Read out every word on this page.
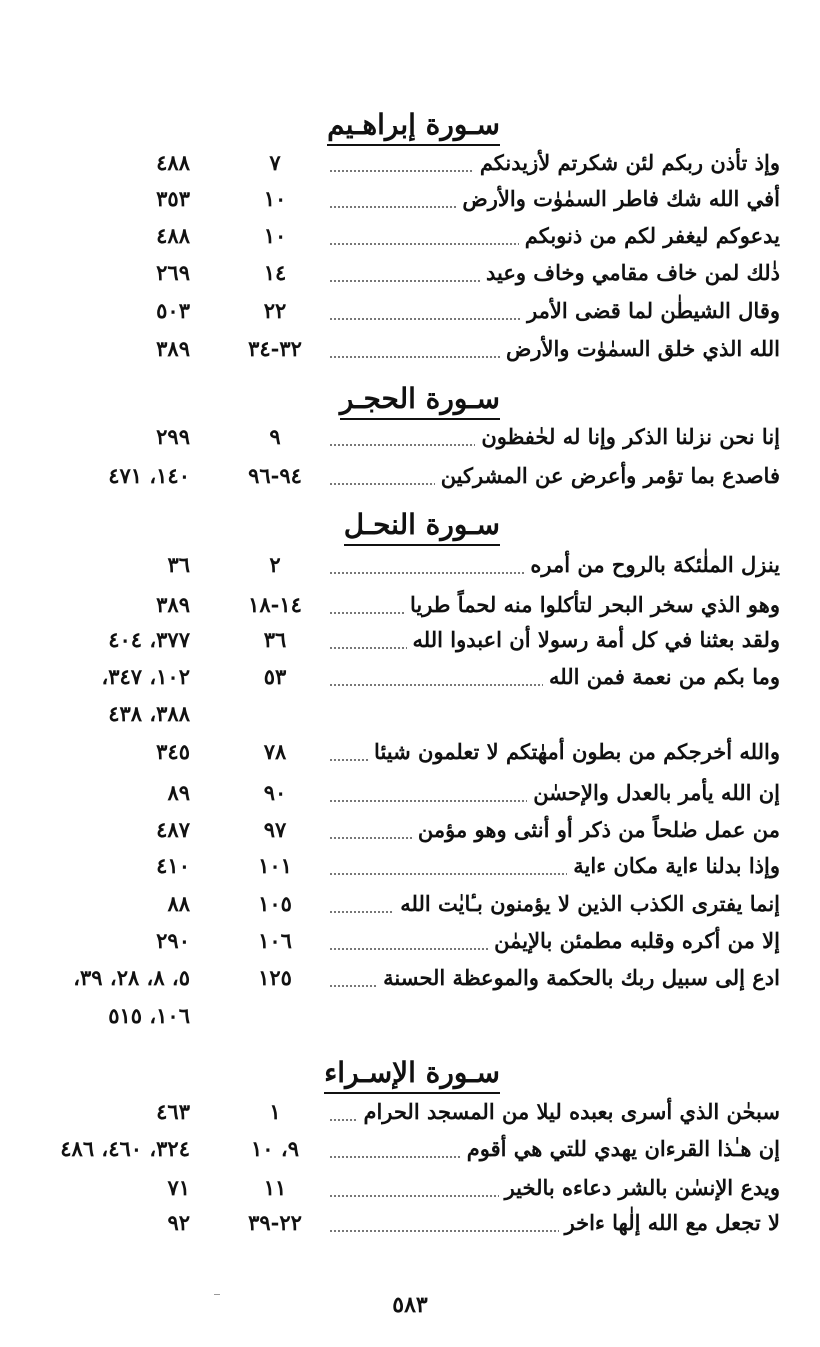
سـورة إبراهـيم
وإذ تأذن ربكم لئن شكرتم لأزيدنكم
٧
٤٨٨
أفي الله شك فاطر السمٰوٰت والأرض
١٠
٣٥٣
يدعوكم ليغفر لكم من ذنوبكم
١٠
٤٨٨
ذٰلك لمن خاف مقامي وخاف وعيد
١٤
٢٦٩
وقال الشيطٰن لما قضى الأمر
٢٢
٥٠٣
الله الذي خلق السمٰوٰت والأرض
٣٢-٣٤
٣٨٩
سـورة الحجـر
إنا نحن نزلنا الذكر وإنا له لحٰفظون
٩
٢٩٩
فاصدع بما تؤمر وأعرض عن المشركين
٩٤-٩٦
١٤٠، ٤٧١
سـورة النحـل
ينزل الملٰئكة بالروح من أمره
٢
٣٦
وهو الذي سخر البحر لتأكلوا منه لحماً طريا
١٤-١٨
٣٨٩
ولقد بعثنا في كل أمة رسولا أن اعبدوا الله
٣٦
٣٧٧، ٤٠٤
وما بكم من نعمة فمن الله
٥٣
١٠٢، ٣٤٧،
٣٨٨، ٤٣٨
والله أخرجكم من بطون أمهٰتكم لا تعلمون شيئا
٧٨
٣٤٥
إن الله يأمر بالعدل والإحسٰن
٩٠
٨٩
من عمل صٰلحاً من ذكر أو أنثى وهو مؤمن
٩٧
٤٨٧
وإذا بدلنا ءاية مكان ءاية
١٠١
٤١٠
إنما يفترى الكذب الذين لا يؤمنون بـٔايٰت الله
١٠٥
٨٨
إلا من أكره وقلبه مطمئن بالإيمٰن
١٠٦
٢٩٠
ادع إلى سبيل ربك بالحكمة والموعظة الحسنة
١٢٥
٥، ٨، ٢٨، ٣٩،
١٠٦، ٥١٥
سـورة الإسـراء
سبحٰن الذي أسرى بعبده ليلا من المسجد الحرام
١
٤٦٣
إن هـٰذا القرءان يهدي للتي هي أقوم
٩، ١٠
٣٢٤، ٤٦٠، ٤٨٦
ويدع الإنسٰن بالشر دعاءه بالخير
١١
٧١
لا تجعل مع الله إلٰها ءاخر
٢٢-٣٩
٩٢
٥٨٣
